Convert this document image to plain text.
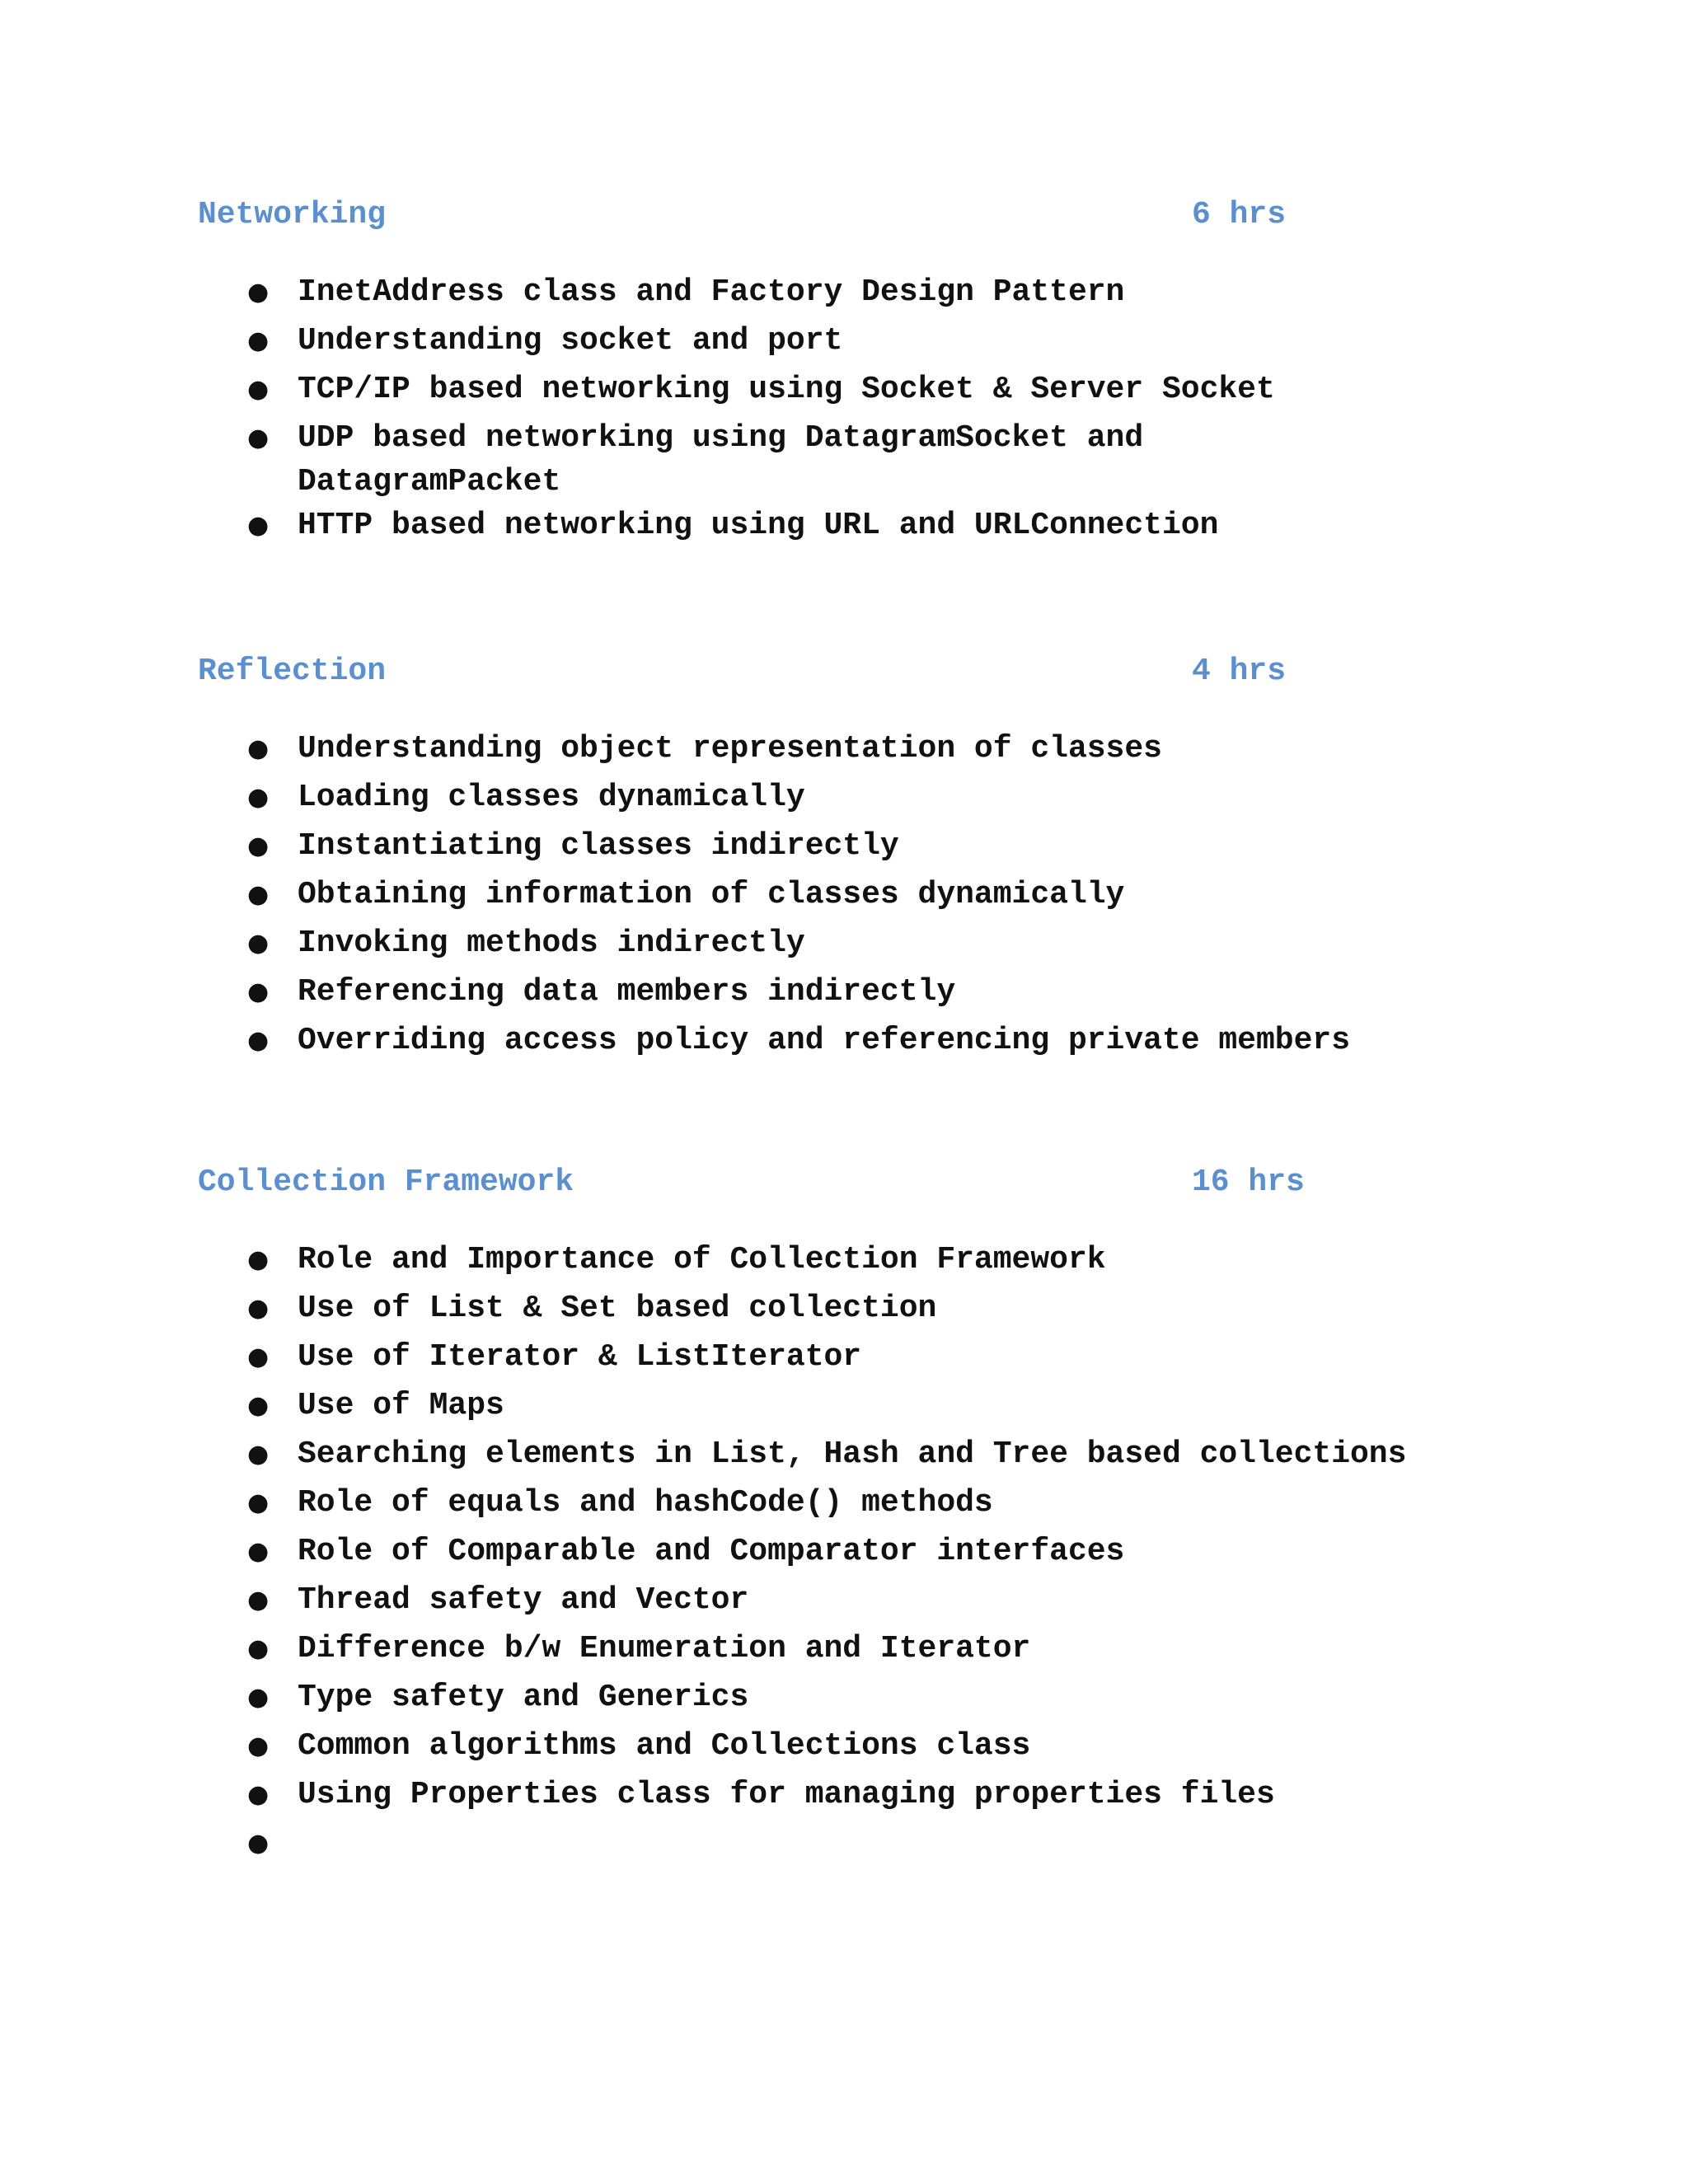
Networking	6 hrs
● InetAddress class and Factory Design Pattern
● Understanding socket and port
● TCP/IP based networking using Socket & Server Socket
● UDP based networking using DatagramSocket and DatagramPacket
● HTTP based networking using URL and URLConnection
Reflection	4 hrs
● Understanding object representation of classes
● Loading classes dynamically
● Instantiating classes indirectly
● Obtaining information of classes dynamically
● Invoking methods indirectly
● Referencing data members indirectly
● Overriding access policy and referencing private members
Collection Framework	16 hrs
● Role and Importance of Collection Framework
● Use of List & Set based collection
● Use of Iterator & ListIterator
● Use of Maps
● Searching elements in List, Hash and Tree based collections
● Role of equals and hashCode() methods
● Role of Comparable and Comparator interfaces
● Thread safety and Vector
● Difference b/w Enumeration and Iterator
● Type safety and Generics
● Common algorithms and Collections class
● Using Properties class for managing properties files
●
